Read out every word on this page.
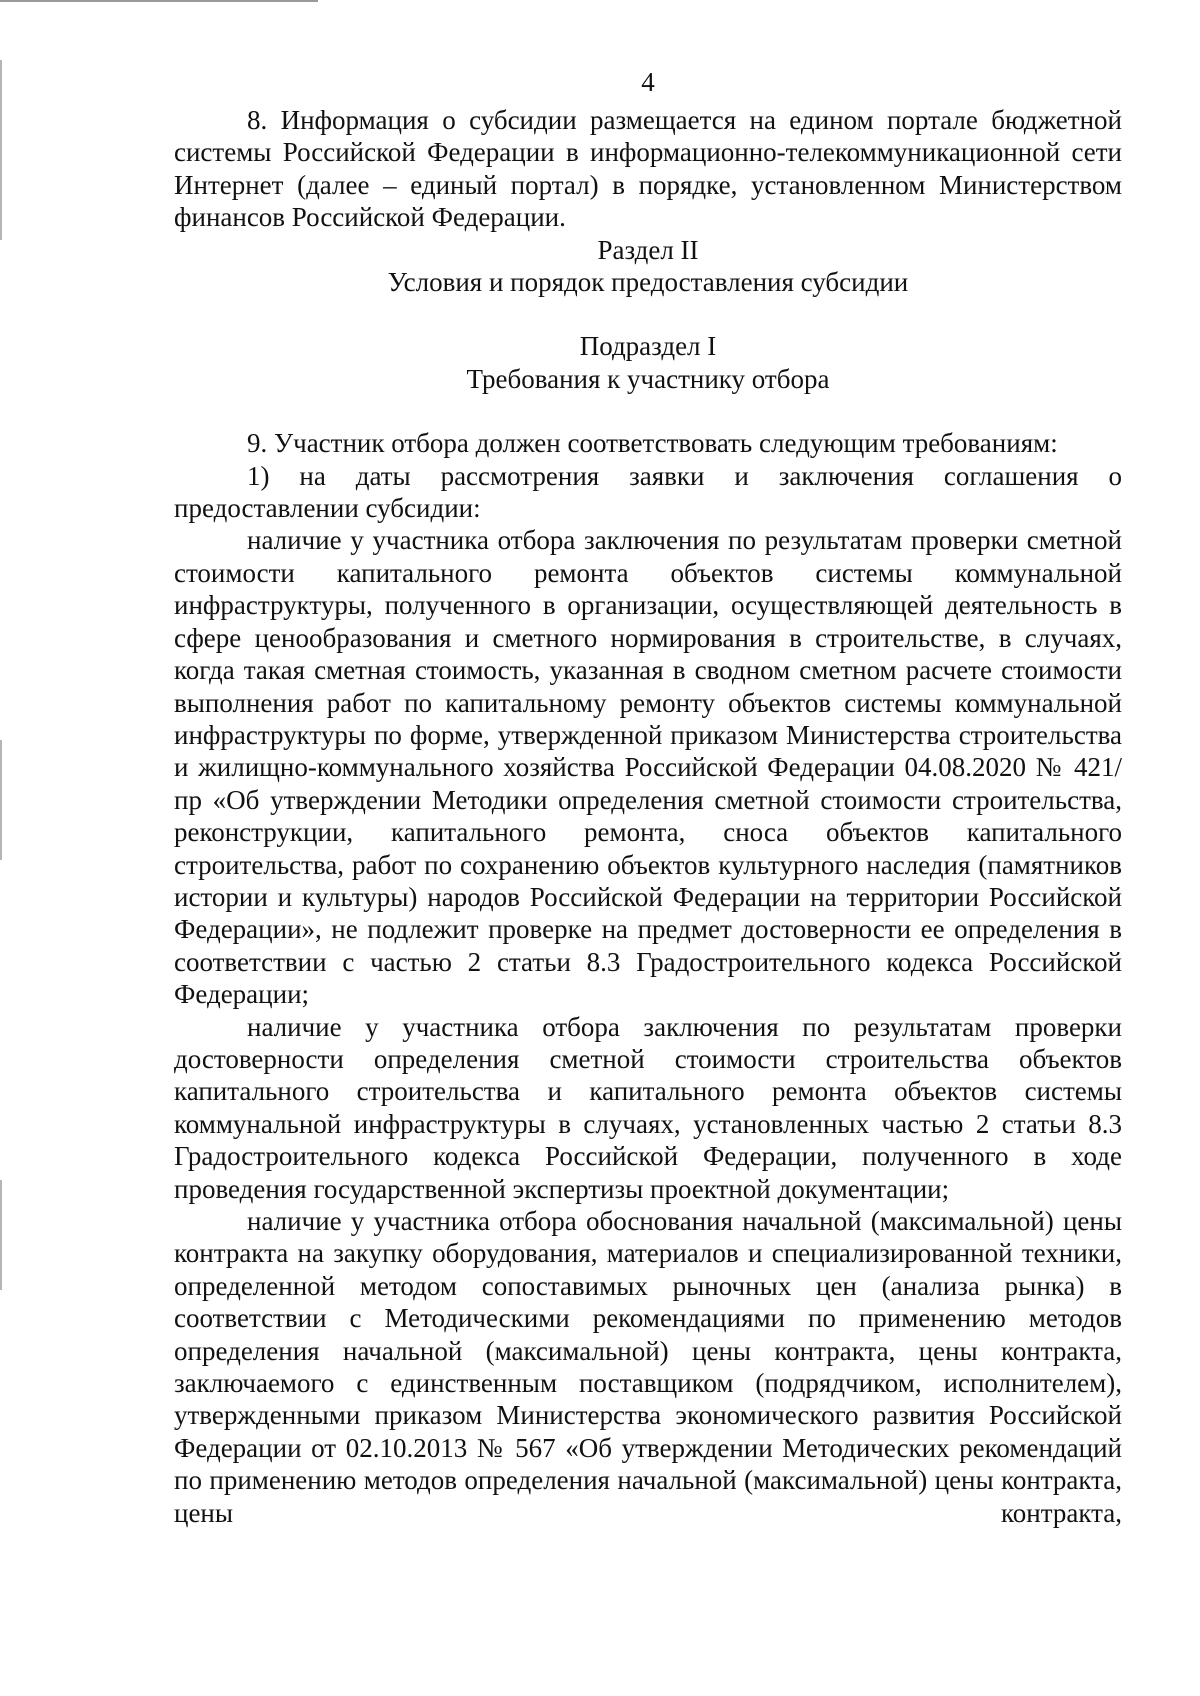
4

8. Информация о субсидии размещается на едином портале бюджетной системы Российской Федерации в информационно-телекоммуникационной сети Интернет (далее – единый портал) в порядке, установленном Министерством финансов Российской Федерации.

Раздел II

Условия и порядок предоставления субсидии

Подраздел I

Требования к участнику отбора

9. Участник отбора должен соответствовать следующим требованиям:

1) на даты рассмотрения заявки и заключения соглашения о предоставлении субсидии:

наличие у участника отбора заключения по результатам проверки сметной стоимости капитального ремонта объектов системы коммунальной инфраструктуры, полученного в организации, осуществляющей деятельность в сфере ценообразования и сметного нормирования в строительстве, в случаях, когда такая сметная стоимость, указанная в сводном сметном расчете стоимости выполнения работ по капитальному ремонту объектов системы коммунальной инфраструктуры по форме, утвержденной приказом Министерства строительства и жилищно-коммунального хозяйства Российской Федерации 04.08.2020 № 421/пр «Об утверждении Методики определения сметной стоимости строительства, реконструкции, капитального ремонта, сноса объектов капитального строительства, работ по сохранению объектов культурного наследия (памятников истории и культуры) народов Российской Федерации на территории Российской Федерации», не подлежит проверке на предмет достоверности ее определения в соответствии с частью 2 статьи 8.3 Градостроительного кодекса Российской Федерации;

наличие у участника отбора заключения по результатам проверки достоверности определения сметной стоимости строительства объектов капитального строительства и капитального ремонта объектов системы коммунальной инфраструктуры в случаях, установленных частью 2 статьи 8.3 Градостроительного кодекса Российской Федерации, полученного в ходе проведения государственной экспертизы проектной документации;

наличие у участника отбора обоснования начальной (максимальной) цены контракта на закупку оборудования, материалов и специализированной техники, определенной методом сопоставимых рыночных цен (анализа рынка) в соответствии с Методическими рекомендациями по применению методов определения начальной (максимальной) цены контракта, цены контракта, заключаемого с единственным поставщиком (подрядчиком, исполнителем), утвержденными приказом Министерства экономического развития Российской Федерации от 02.10.2013 № 567 «Об утверждении Методических рекомендаций по применению методов определения начальной (максимальной) цены контракта, цены контракта,
